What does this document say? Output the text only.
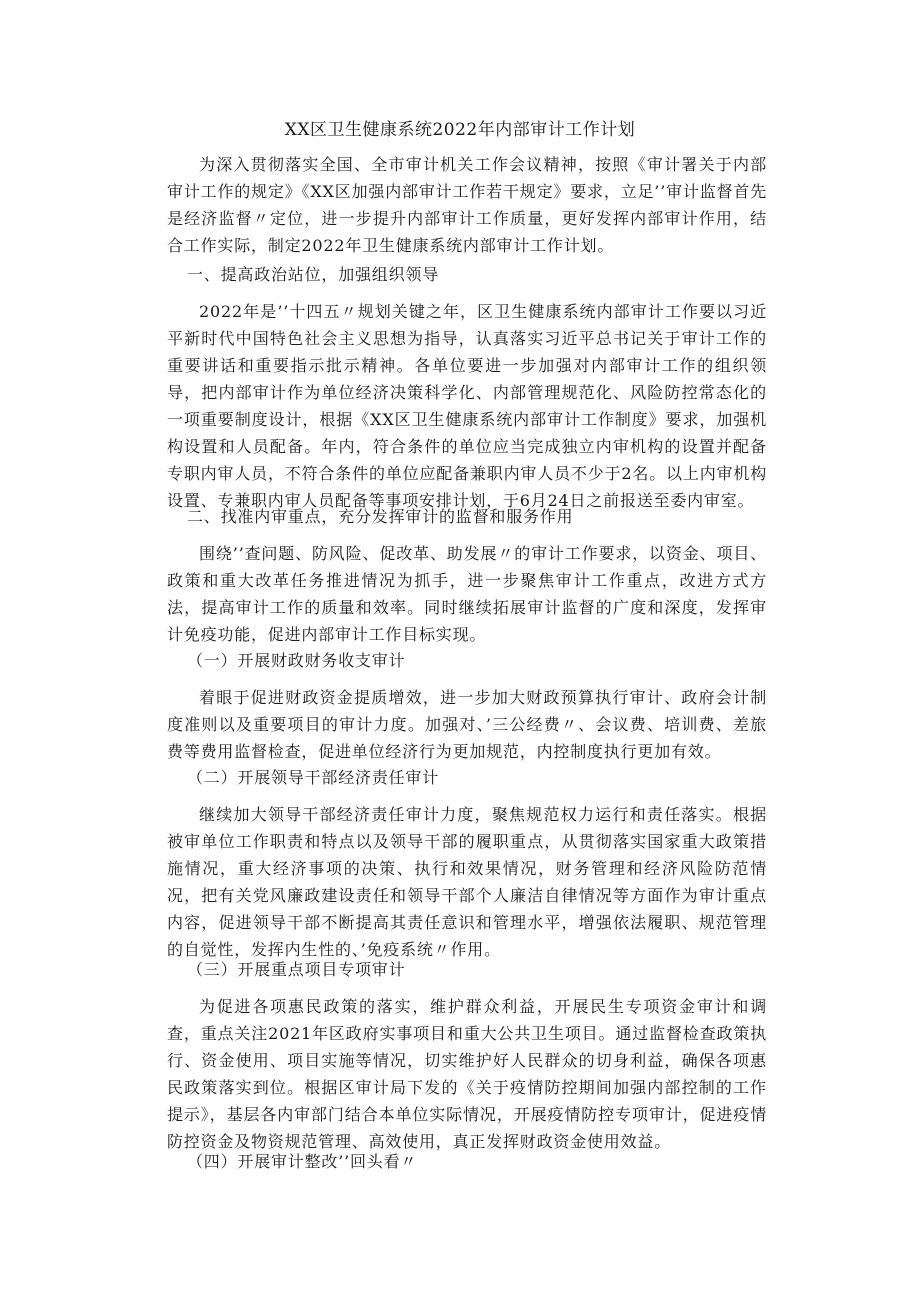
XX区卫生健康系统2022年内部审计工作计划

为深入贯彻落实全国、全市审计机关工作会议精神，按照《审计署关于内部审计工作的规定》《XX区加强内部审计工作若干规定》要求，立足’’审计监督首先是经济监督〃定位，进一步提升内部审计工作质量，更好发挥内部审计作用，结合工作实际，制定2022年卫生健康系统内部审计工作计划。

一、提高政治站位，加强组织领导

2022年是’’十四五〃规划关键之年，区卫生健康系统内部审计工作要以习近平新时代中国特色社会主义思想为指导，认真落实习近平总书记关于审计工作的重要讲话和重要指示批示精神。各单位要进一步加强对内部审计工作的组织领导，把内部审计作为单位经济决策科学化、内部管理规范化、风险防控常态化的一项重要制度设计，根据《XX区卫生健康系统内部审计工作制度》要求，加强机构设置和人员配备。年内，符合条件的单位应当完成独立内审机构的设置并配备专职内审人员，不符合条件的单位应配备兼职内审人员不少于2名。以上内审机构设置、专兼职内审人员配备等事项安排计划，于6月24日之前报送至委内审室。

二、找准内审重点，充分发挥审计的监督和服务作用

围绕’’查问题、防风险、促改革、助发展〃的审计工作要求，以资金、项目、政策和重大改革任务推进情况为抓手，进一步聚焦审计工作重点，改进方式方法，提高审计工作的质量和效率。同时继续拓展审计监督的广度和深度，发挥审计免疫功能，促进内部审计工作目标实现。

（一）开展财政财务收支审计

着眼于促进财政资金提质增效，进一步加大财政预算执行审计、政府会计制度准则以及重要项目的审计力度。加强对、’三公经费〃、会议费、培训费、差旅费等费用监督检查，促进单位经济行为更加规范，内控制度执行更加有效。

（二）开展领导干部经济责任审计

继续加大领导干部经济责任审计力度，聚焦规范权力运行和责任落实。根据被审单位工作职责和特点以及领导干部的履职重点，从贯彻落实国家重大政策措施情况，重大经济事项的决策、执行和效果情况，财务管理和经济风险防范情况，把有关党风廉政建设责任和领导干部个人廉洁自律情况等方面作为审计重点内容，促进领导干部不断提高其责任意识和管理水平，增强依法履职、规范管理的自觉性，发挥内生性的、’免疫系统〃作用。

（三）开展重点项目专项审计

为促进各项惠民政策的落实，维护群众利益，开展民生专项资金审计和调查，重点关注2021年区政府实事项目和重大公共卫生项目。通过监督检查政策执行、资金使用、项目实施等情况，切实维护好人民群众的切身利益，确保各项惠民政策落实到位。根据区审计局下发的《关于疫情防控期间加强内部控制的工作提示》，基层各内审部门结合本单位实际情况，开展疫情防控专项审计，促进疫情防控资金及物资规范管理、高效使用，真正发挥财政资金使用效益。

（四）开展审计整改’’回头看〃
